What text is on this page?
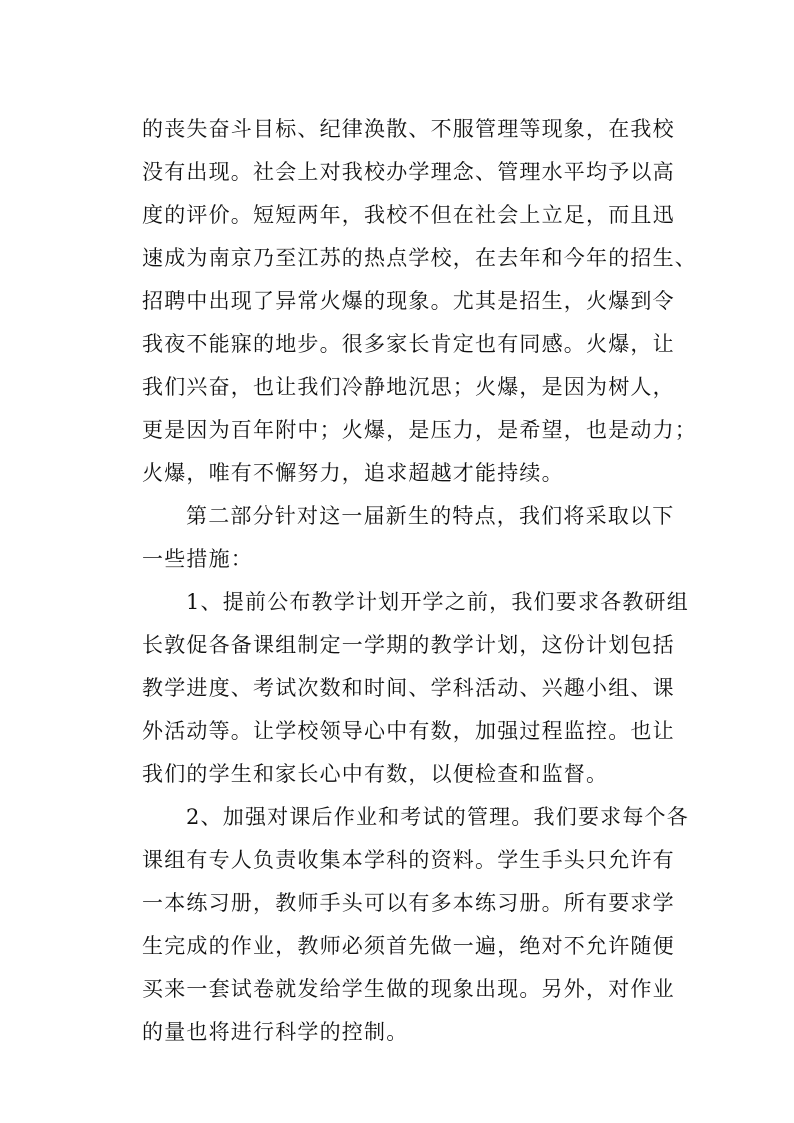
的丧失奋斗目标、纪律涣散、不服管理等现象，在我校
没有出现。社会上对我校办学理念、管理水平均予以高
度的评价。短短两年，我校不但在社会上立足，而且迅
速成为南京乃至江苏的热点学校，在去年和今年的招生、
招聘中出现了异常火爆的现象。尤其是招生，火爆到令
我夜不能寐的地步。很多家长肯定也有同感。火爆，让
我们兴奋，也让我们冷静地沉思；火爆，是因为树人，
更是因为百年附中；火爆，是压力，是希望，也是动力；
火爆，唯有不懈努力，追求超越才能持续。
第二部分针对这一届新生的特点，我们将采取以下
一些措施：
1、提前公布教学计划开学之前，我们要求各教研组
长敦促各备课组制定一学期的教学计划，这份计划包括
教学进度、考试次数和时间、学科活动、兴趣小组、课
外活动等。让学校领导心中有数，加强过程监控。也让
我们的学生和家长心中有数，以便检查和监督。
2、加强对课后作业和考试的管理。我们要求每个各
课组有专人负责收集本学科的资料。学生手头只允许有
一本练习册，教师手头可以有多本练习册。所有要求学
生完成的作业，教师必须首先做一遍，绝对不允许随便
买来一套试卷就发给学生做的现象出现。另外，对作业
的量也将进行科学的控制。
